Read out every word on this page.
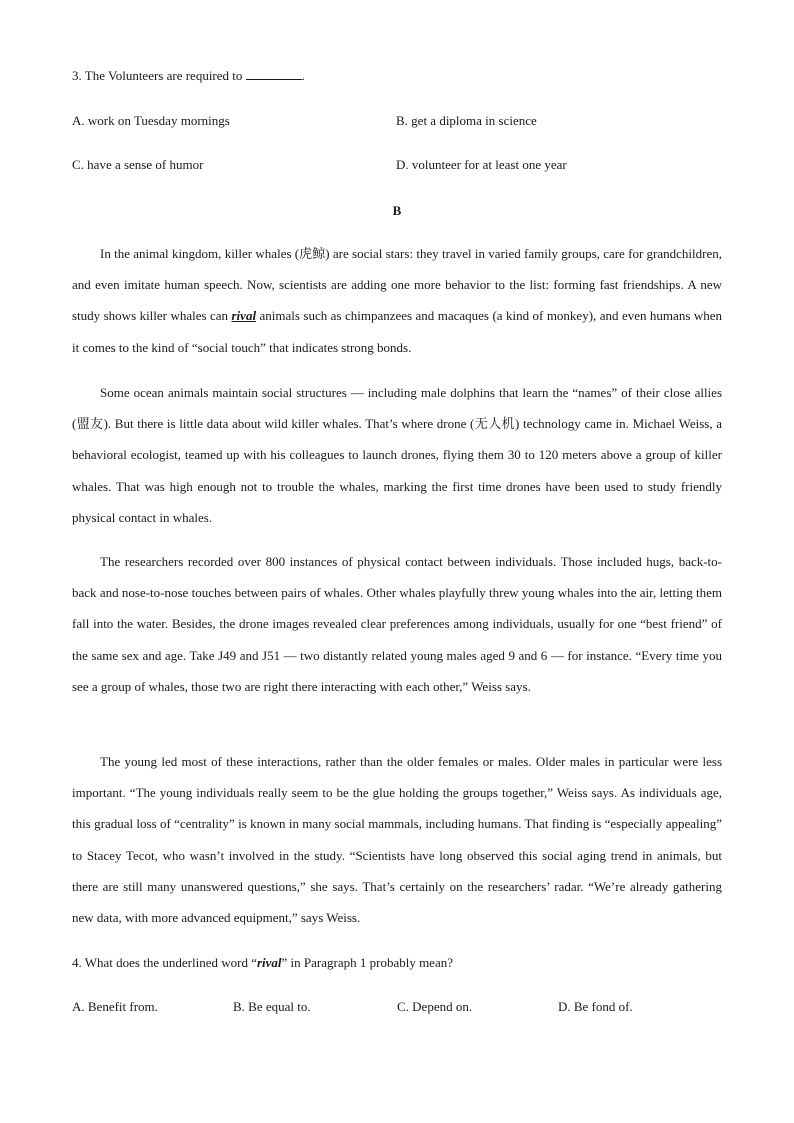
3. The Volunteers are required to	.
A. work on Tuesday mornings	B. get a diploma in science
C. have a sense of humor	D. volunteer for at least one year
B
In the animal kingdom, killer whales (虎鲸) are social stars: they travel in varied family groups, care for grandchildren, and even imitate human speech. Now, scientists are adding one more behavior to the list: forming fast friendships. A new study shows killer whales can rival animals such as chimpanzees and macaques (a kind of monkey), and even humans when it comes to the kind of “social touch” that indicates strong bonds.
Some ocean animals maintain social structures — including male dolphins that learn the “names” of their close allies (盟友). But there is little data about wild killer whales. That’s where drone (无人机) technology came in. Michael Weiss, a behavioral ecologist, teamed up with his colleagues to launch drones, flying them 30 to 120 meters above a group of killer whales. That was high enough not to trouble the whales, marking the first time drones have been used to study friendly physical contact in whales.
The researchers recorded over 800 instances of physical contact between individuals. Those included hugs, back-to-back and nose-to-nose touches between pairs of whales. Other whales playfully threw young whales into the air, letting them fall into the water. Besides, the drone images revealed clear preferences among individuals, usually for one “best friend” of the same sex and age. Take J49 and J51 — two distantly related young males aged 9 and 6 — for instance. “Every time you see a group of whales, those two are right there interacting with each other,” Weiss says.
The young led most of these interactions, rather than the older females or males. Older males in particular were less important. “The young individuals really seem to be the glue holding the groups together,” Weiss says. As individuals age, this gradual loss of “centrality” is known in many social mammals, including humans. That finding is “especially appealing” to Stacey Tecot, who wasn’t involved in the study. “Scientists have long observed this social aging trend in animals, but there are still many unanswered questions,” she says. That’s certainly on the researchers’ radar. “We’re already gathering new data, with more advanced equipment,” says Weiss.
4. What does the underlined word “rival” in Paragraph 1 probably mean?
A. Benefit from.	B. Be equal to.	C. Depend on.	D. Be fond of.
